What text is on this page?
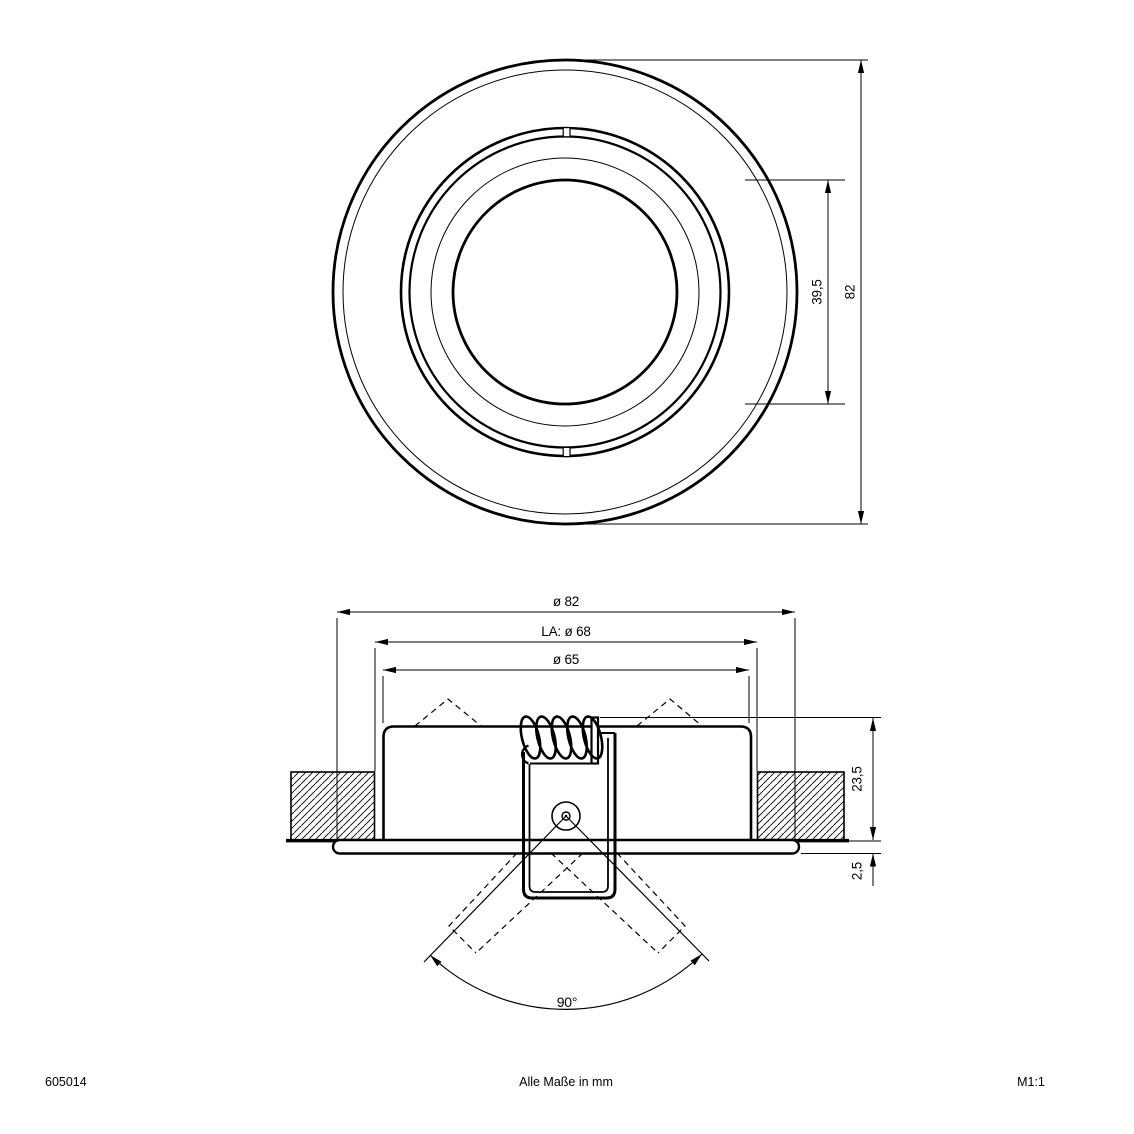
39,5 82
90°
ø 82
LA: ø 68
ø 65
23,5
2,5
605014	Alle Maße in mm	M1:1
